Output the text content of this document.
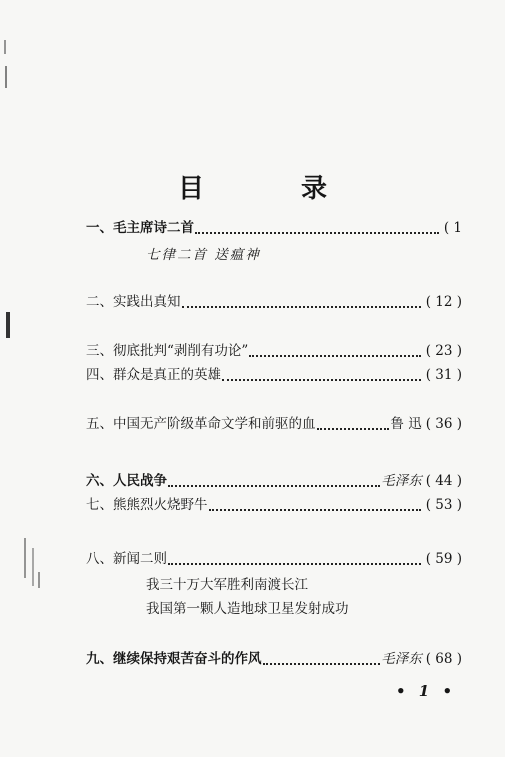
目 录
一、毛主席诗二首	( 1
七律二首 送瘟神
二、实践出真知	( 12 )
三、彻底批判“剥削有功论”	( 23 )
四、群众是真正的英雄	( 31 )
五、中国无产阶级革命文学和前驱的血	鲁 迅 ( 36 )
六、人民战争	毛泽东 ( 44 )
七、熊熊烈火烧野牛	( 53 )
八、新闻二则	( 59 )
我三十万大军胜利南渡长江
我国第一颗人造地球卫星发射成功
九、继续保持艰苦奋斗的作风	毛泽东 ( 68 )
• 1 •
